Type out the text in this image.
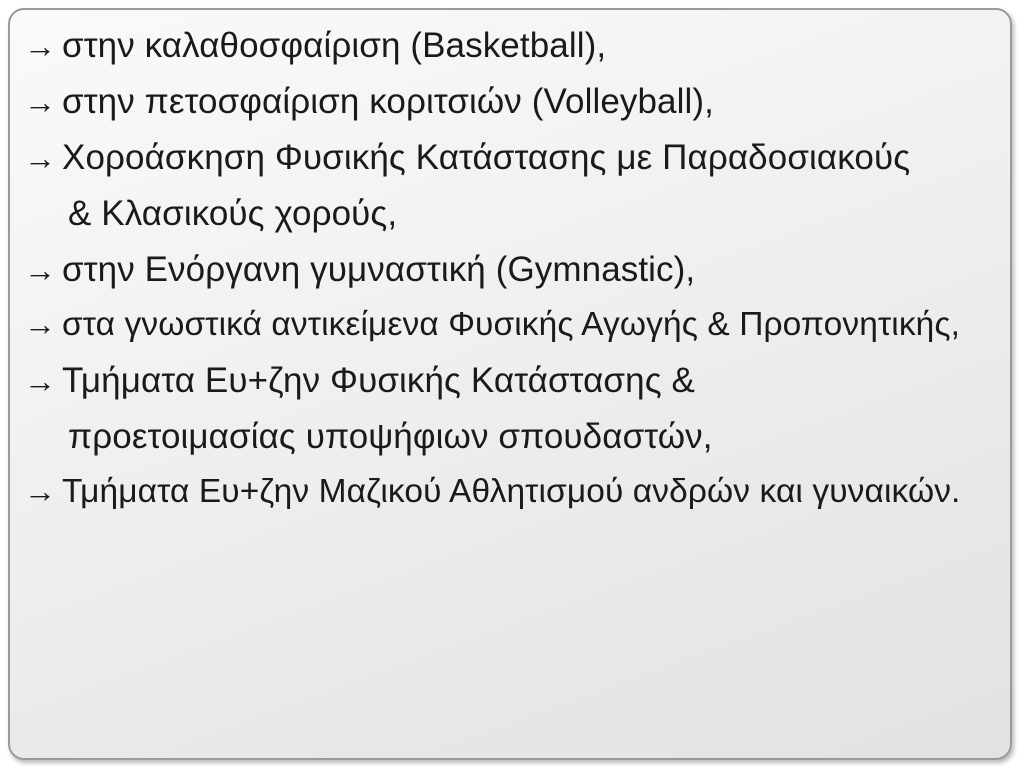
→ στην καλαθοσφαίριση (Basketball),
→ στην πετοσφαίριση κοριτσιών (Volleyball),
→ Χοροάσκηση Φυσικής Κατάστασης με Παραδοσιακούς
& Κλασικούς χορούς,
→ στην Ενόργανη γυμναστική (Gymnastic),
→ στα γνωστικά αντικείμενα Φυσικής Αγωγής & Προπονητικής,
→ Τμήματα Ευ+ζην Φυσικής Κατάστασης &
προετοιμασίας υποψήφιων σπουδαστών,
→ Τμήματα Ευ+ζην Μαζικού Αθλητισμού ανδρών και γυναικών.
